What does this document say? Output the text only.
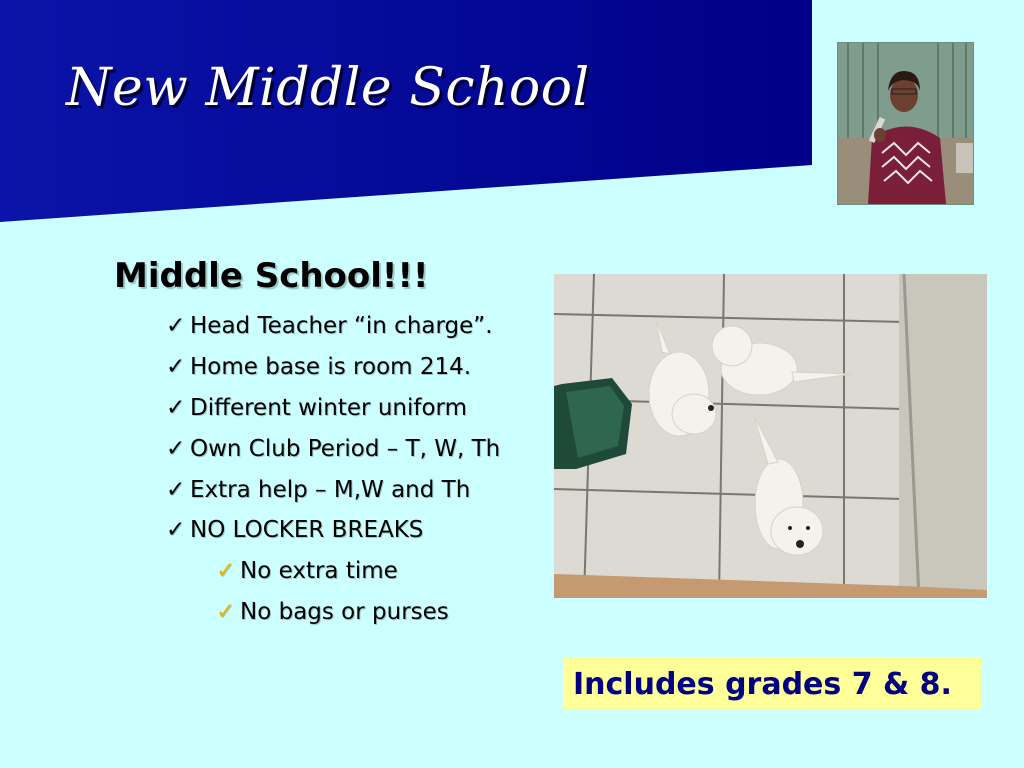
New Middle School
Middle School!!!
✓ Head Teacher “in charge”.
✓ Home base is room 214.
✓ Different winter uniform
✓ Own Club Period – T, W, Th
✓ Extra help – M,W and Th
✓ NO LOCKER BREAKS
✓ No extra time
✓ No bags or purses
Includes grades 7 & 8.
